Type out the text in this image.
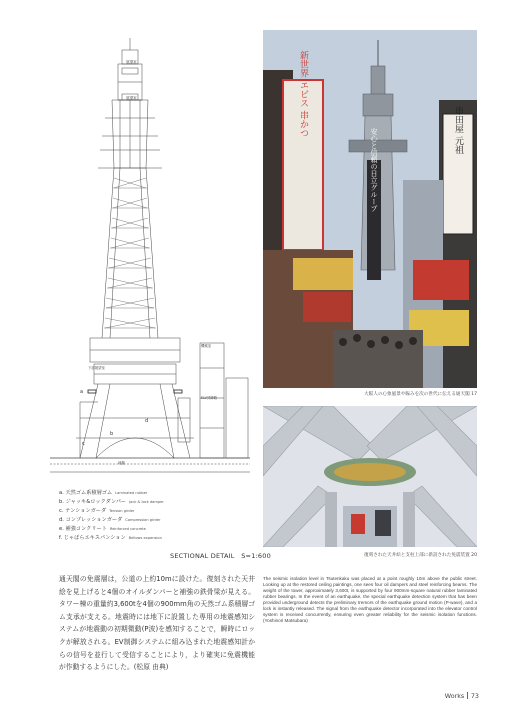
展望室
展望室
下部展望室
機械室
ELV昇降路
地盤
a
b
c
d
a. 天然ゴム系積層ゴム Laminated rubber
b. ジャッキ&ロックダンパー Jack & lock damper
c. テンションガーダ Tension girder
d. コンプレッションガーダ Compression girder
e. 補強コンクリート Reinforced concrete
f. じゃばらエキスパンション Bellows expansion
SECTIONAL DETAIL　S=1:600
安心と信頼の日立グループ
新世界 エビス 串かつ	串田屋 元祖
大阪人の心象風景や賑みを次の世代に伝える通天閣 17
復刻された天井絵と支柱上部に新設された免震装置 20
通天閣の免震層は，公道の上約10mに設けた。復刻された天井絵を見上げると4個のオイルダンパーと補強の鉄骨梁が見える。タワー棟の重量約3,600tを4個の900mm角の天然ゴム系積層ゴム支承が支える。地震時には地下に設置した専用の地震感知システムが地震動の初期微動(P波)を感知することで，瞬時にロックが解放される。EV制御システムに組み込まれた地震感知計からの信号を並行して受信することにより，より確実に免震機能が作動するようにした。(松原 由典)
The seismic isolation level in Tsutenkaku was placed at a point roughly 10m above the public street. Looking up at the restored ceiling paintings, one sees four oil dampers and steel reinforcing beams. The weight of the tower, approximately 3,600t, is supported by four 900mm-square natural rubber laminated rubber bearings. In the event of an earthquake, the special earthquake detection system that has been provided underground detects the preliminary tremors of the earthquake ground motion (P-wave), and a lock is instantly released. The signal from the earthquake detector incorporated into the elevator control system is received concurrently, ensuring even greater reliability for the seismic isolation functions. (Yoshinori Matsubara)
Works 73
